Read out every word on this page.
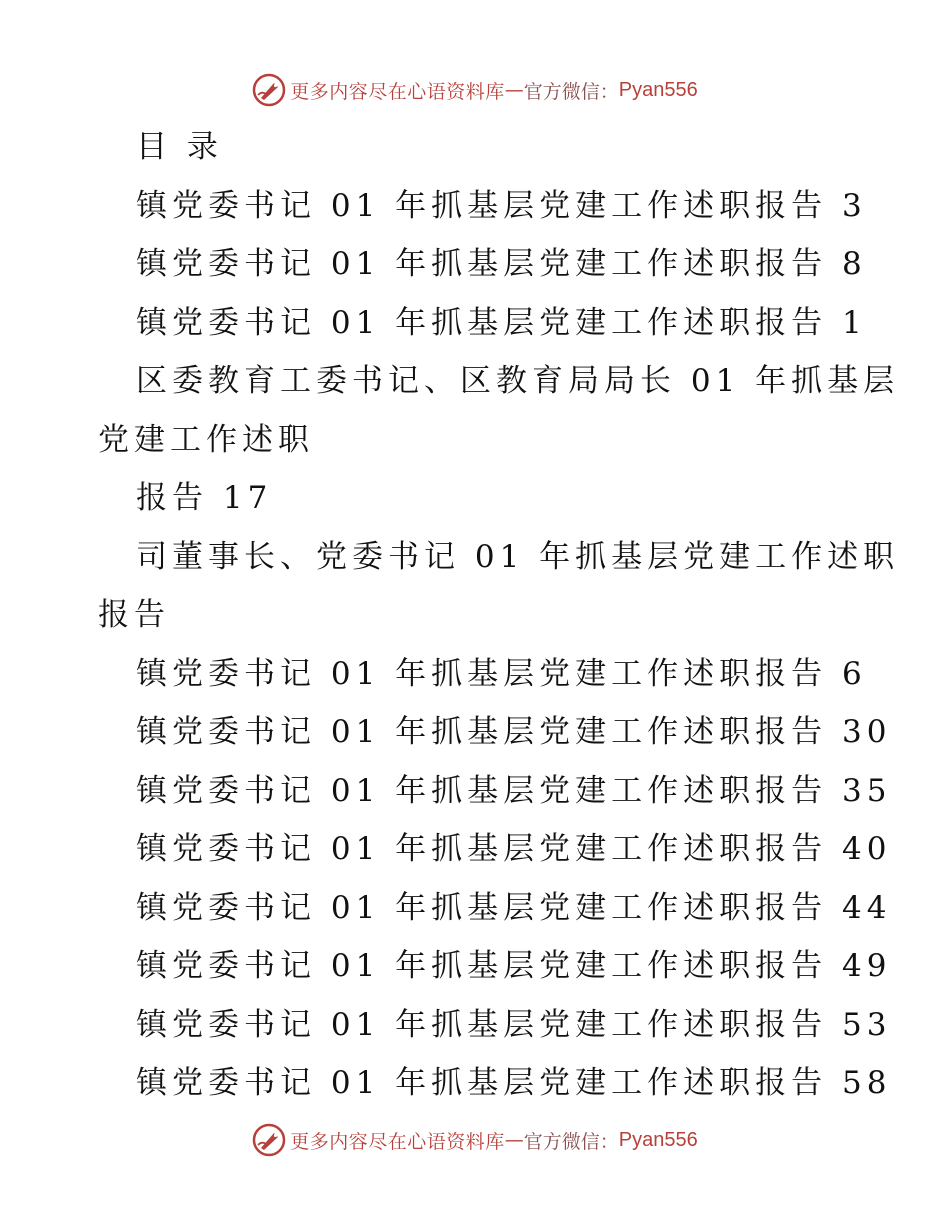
更多内容尽在心语资料库 — 官方微信： Pyan556

目 录

镇党委书记 01 年抓基层党建工作述职报告 3

镇党委书记 01 年抓基层党建工作述职报告 8

镇党委书记 01 年抓基层党建工作述职报告 1

区委教育工委书记、区教育局局长 01 年抓基层

党建工作述职

报告 17

司董事长、党委书记 01 年抓基层党建工作述职

报告

镇党委书记 01 年抓基层党建工作述职报告 6

镇党委书记 01 年抓基层党建工作述职报告 30

镇党委书记 01 年抓基层党建工作述职报告 35

镇党委书记 01 年抓基层党建工作述职报告 40

镇党委书记 01 年抓基层党建工作述职报告 44

镇党委书记 01 年抓基层党建工作述职报告 49

镇党委书记 01 年抓基层党建工作述职报告 53

镇党委书记 01 年抓基层党建工作述职报告 58

更多内容尽在心语资料库 — 官方微信： Pyan556
